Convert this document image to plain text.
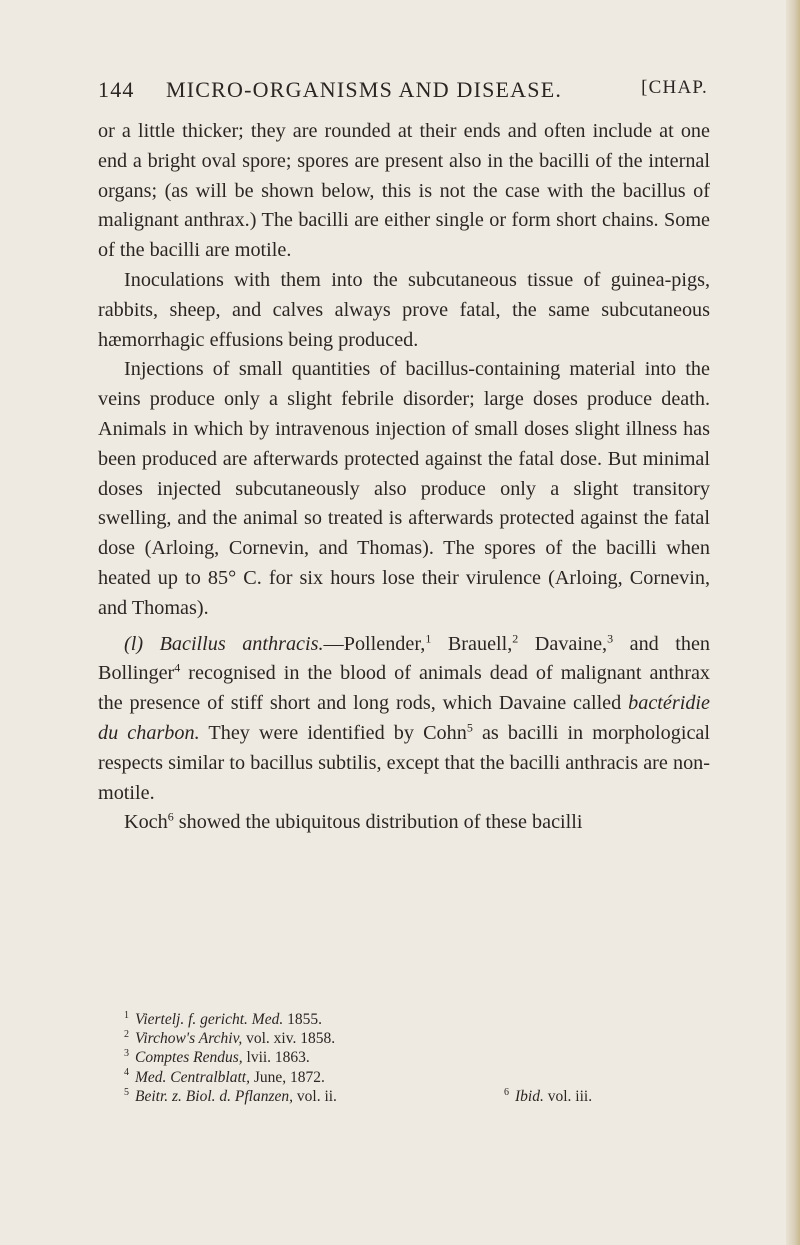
144 MICRO-ORGANISMS AND DISEASE.	[CHAP.

or a little thicker; they are rounded at their ends and often include at one end a bright oval spore; spores are present also in the bacilli of the internal organs; (as will be shown below, this is not the case with the bacillus of malignant anthrax.) The bacilli are either single or form short chains. Some of the bacilli are motile.

Inoculations with them into the subcutaneous tissue of guinea-pigs, rabbits, sheep, and calves always prove fatal, the same subcutaneous hæmorrhagic effusions being produced.

Injections of small quantities of bacillus-containing material into the veins produce only a slight febrile disorder; large doses produce death. Animals in which by intravenous injection of small doses slight illness has been produced are afterwards protected against the fatal dose. But minimal doses injected subcutaneously also produce only a slight transitory swelling, and the animal so treated is afterwards protected against the fatal dose (Arloing, Cornevin, and Thomas). The spores of the bacilli when heated up to 85° C. for six hours lose their virulence (Arloing, Cornevin, and Thomas).

(l) Bacillus anthracis.—Pollender,$^1$ Brauell,$^2$ Davaine,$^3$ and then Bollinger$^4$ recognised in the blood of animals dead of malignant anthrax the presence of stiff short and long rods, which Davaine called bactéridie du charbon. They were identified by Cohn$^5$ as bacilli in morphological respects similar to bacillus subtilis, except that the bacilli anthracis are non-motile.

Koch$^6$ showed the ubiquitous distribution of these bacilli

$^1$ Viertelj. f. gericht. Med. 1855.
$^2$ Virchow's Archiv, vol. xiv. 1858.
$^3$ Comptes Rendus, lvii. 1863.
$^4$ Med. Centralblatt, June, 1872.
$^5$ Beitr. z. Biol. d. Pflanzen, vol. ii.	$^6$ Ibid. vol. iii.
